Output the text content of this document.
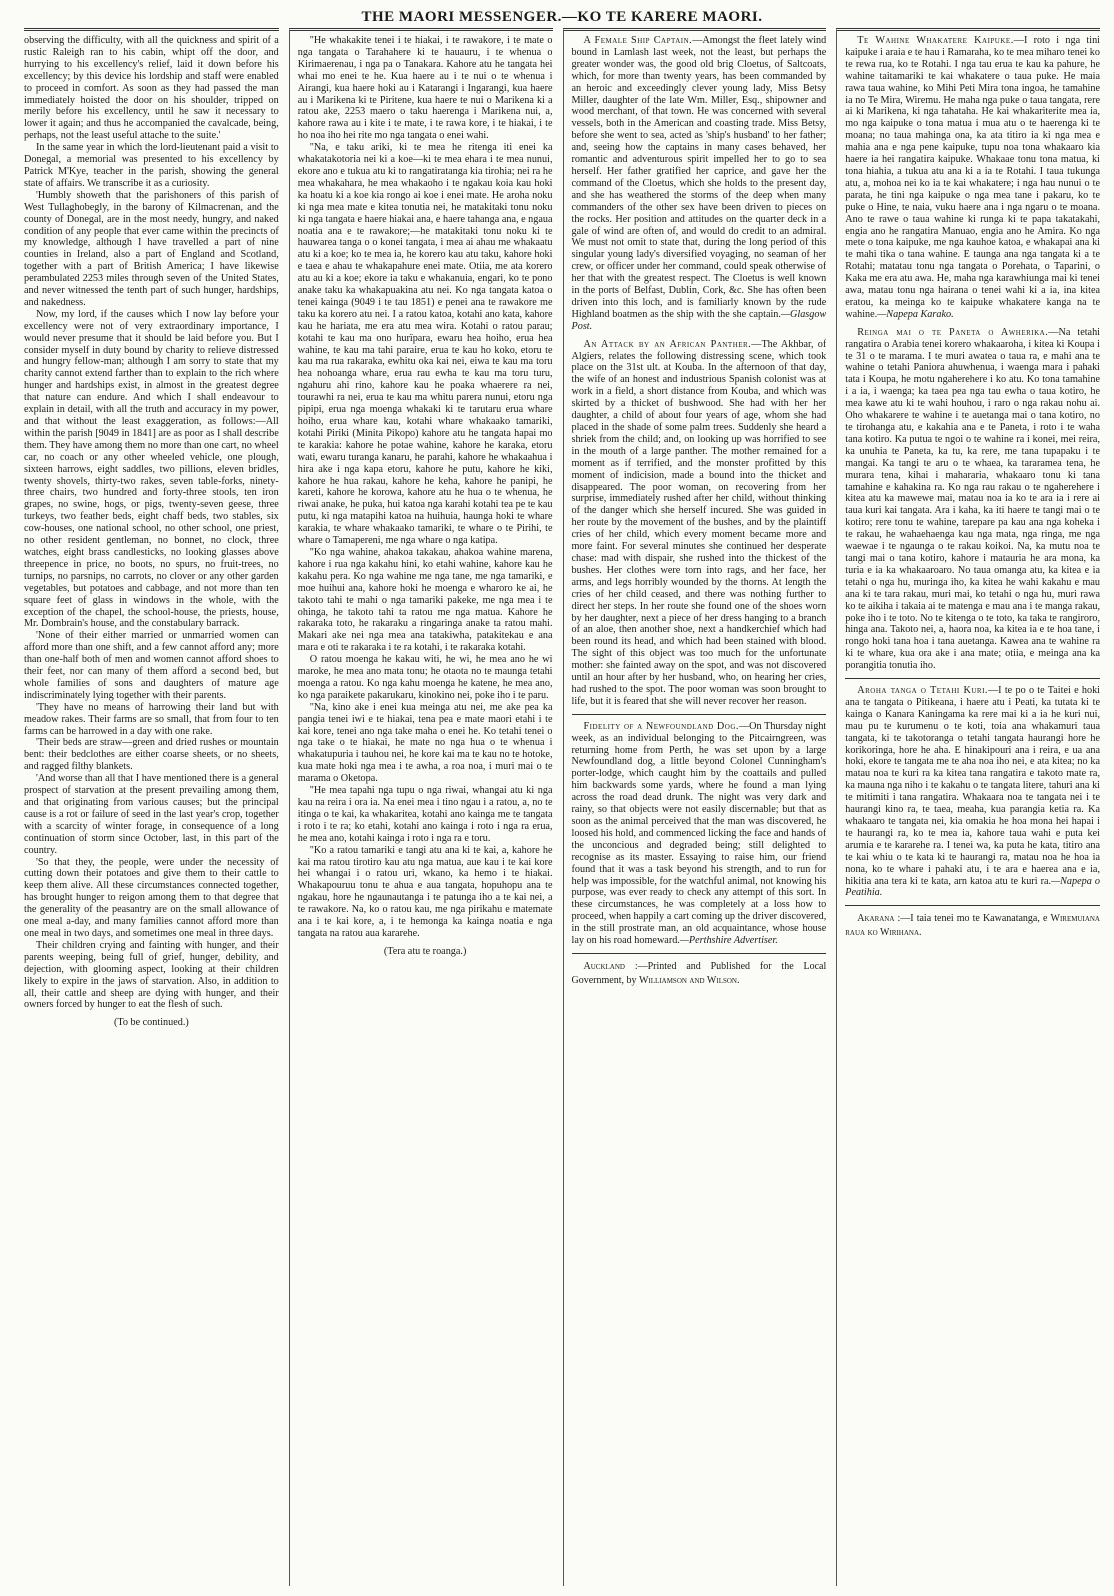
THE MAORI MESSENGER.—KO TE KARERE MAORI.

observing the difficulty, with all the quickness and spirit of a rustic Raleigh ran to his cabin, whipt off the door, and hurrying to his excellency's relief, laid it down before his excellency; by this device his lordship and staff were enabled to proceed in comfort. As soon as they had passed the man immediately hoisted the door on his shoulder, tripped on merily before his excellency, until he saw it necessary to lower it again; and thus he accompanied the cavalcade, being, perhaps, not the least useful attache to the suite.'

In the same year in which the lord-lieutenant paid a visit to Donegal, a memorial was presented to his excellency by Patrick M'Kye, teacher in the parish, showing the general state of affairs. We transcribe it as a curiosity.

'Humbly showeth that the parishoners of this parish of West Tullaghobegly, in the barony of Kilmacrenan, and the county of Donegal, are in the most needy, hungry, and naked condition of any people that ever came within the precincts of my knowledge, although I have travelled a part of nine counties in Ireland, also a part of England and Scotland, together with a part of British America; I have likewise perambulated 2253 miles through seven of the United States, and never witnessed the tenth part of such hunger, hardships, and nakedness.

Now, my lord, if the causes which I now lay before your excellency were not of very extraordinary importance, I would never presume that it should be laid before you. But I consider myself in duty bound by charity to relieve distressed and hungry fellow-man; although I am sorry to state that my charity cannot extend farther than to explain to the rich where hunger and hardships exist, in almost in the greatest degree that nature can endure. And which I shall endeavour to explain in detail, with all the truth and accuracy in my power, and that without the least exaggeration, as follows:—All within the parish [9049 in 1841] are as poor as I shall describe them. They have among them no more than one cart, no wheel car, no coach or any other wheeled vehicle, one plough, sixteen harrows, eight saddles, two pillions, eleven bridles, twenty shovels, thirty-two rakes, seven table-forks, ninety-three chairs, two hundred and forty-three stools, ten iron grapes, no swine, hogs, or pigs, twenty-seven geese, three turkeys, two feather beds, eight chaff beds, two stables, six cow-houses, one national school, no other school, one priest, no other resident gentleman, no bonnet, no clock, three watches, eight brass candlesticks, no looking glasses above threepence in price, no boots, no spurs, no fruit-trees, no turnips, no parsnips, no carrots, no clover or any other garden vegetables, but potatoes and cabbage, and not more than ten square feet of glass in windows in the whole, with the exception of the chapel, the school-house, the priests, house, Mr. Dombrain's house, and the constabulary barrack.

'None of their either married or unmarried women can afford more than one shift, and a few cannot afford any; more than one-half both of men and women cannot afford shoes to their feet, nor can many of them afford a second bed, but whole families of sons and daughters of mature age indiscriminately lying together with their parents.

'They have no means of harrowing their land but with meadow rakes. Their farms are so small, that from four to ten farms can be harrowed in a day with one rake.

'Their beds are straw—green and dried rushes or mountain bent: their bedclothes are either coarse sheets, or no sheets, and ragged filthy blankets.

'And worse than all that I have mentioned there is a general prospect of starvation at the present prevailing among them, and that originating from various causes; but the principal cause is a rot or failure of seed in the last year's crop, together with a scarcity of winter forage, in consequence of a long continuation of storm since October, last, in this part of the country.

'So that they, the people, were under the necessity of cutting down their potatoes and give them to their cattle to keep them alive. All these circumstances connected together, has brought hunger to reigon among them to that degree that the generality of the peasantry are on the small allowance of one meal a-day, and many families cannot afford more than one meal in two days, and sometimes one meal in three days.

Their children crying and fainting with hunger, and their parents weeping, being full of grief, hunger, debility, and dejection, with glooming aspect, looking at their children likely to expire in the jaws of starvation. Also, in addition to all, their cattle and sheep are dying with hunger, and their owners forced by hunger to eat the flesh of such.

(To be continued.)

"He whakakite tenei i te hiakai, i te rawakore, i te mate o nga tangata o Tarahahere ki te hauauru, i te whenua o Kirimaerenau, i nga pa o Tanakara. Kahore atu he tangata hei whai mo enei te he. Kua haere au i te nui o te whenua i Airangi, kua haere hoki au i Katarangi i Ingarangi, kua haere au i Marikena ki te Piritene, kua haere te nui o Marikena ki a ratou ake, 2253 maero o taku haerenga i Marikena nui, a, kahore rawa au i kite i te mate, i te rawa kore, i te hiakai, i te ho noa iho hei rite mo nga tangata o enei wahi.

"Na, e taku ariki, ki te mea he ritenga iti enei ka whakatakotoria nei ki a koe—ki te mea ehara i te mea nunui, ekore ano e tukua atu ki to rangatiratanga kia tirohia; nei ra he mea whakahara, he mea whakaoho i te ngakau koia kau hoki ka hoatu ki a koe kia rongo ai koe i enei mate. He aroha noku ki nga mea mate e kitea tonutia nei, he matakitaki tonu noku ki nga tangata e haere hiakai ana, e haere tahanga ana, e ngaua noatia ana e te rawakore;—he matakitaki tonu noku ki te hauwarea tanga o o konei tangata, i mea ai ahau me whakaatu atu ki a koe; ko te mea ia, he korero kau atu taku, kahore hoki e taea e ahau te whakapahure enei mate. Otiia, me ata korero atu au ki a koe; ekore ia taku e whakanuia, engari, ko te pono anake taku ka whakapuakina atu nei. Ko nga tangata katoa o tenei kainga (9049 i te tau 1851) e penei ana te rawakore me taku ka korero atu nei. I a ratou katoa, kotahi ano kata, kahore kau he hariata, me era atu mea wira. Kotahi o ratou parau; kotahi te kau ma ono hurïpara, ewaru hea hoiho, erua hea wahine, te kau ma tahi paraire, erua te kau ho koko, etoru te kau ma rua rakaraka, ewhitu oka kai nei, eiwa te kau ma toru hea nohoanga whare, erua rau ewha te kau ma toru turu, ngahuru ahi rino, kahore kau he poaka whaerere ra nei, tourawhi ra nei, erua te kau ma whitu parera nunui, etoru nga pipipi, erua nga moenga whakaki ki te tarutaru erua whare hoiho, erua whare kau, kotahi whare whakaako tamariki, kotahi Piriki (Minita Pikopo) kahore atu he tangata hapai mo te karakia: kahore he potae wahine, kahore he karaka, etoru wati, ewaru turanga kanaru, he parahi, kahore he whakaahua i hira ake i nga kapa etoru, kahore he putu, kahore he kiki, kahore he hua rakau, kahore he keha, kahore he panipi, he kareti, kahore he korowa, kahore atu he hua o te whenua, he riwai anake, he puka, hui katoa nga karahi kotahi tea pe te kau putu, ki nga matapihi katoa na huihuia, haunga hoki te whare karakia, te whare whakaako tamariki, te whare o te Pirihi, te whare o Tamapereni, me nga whare o nga katipa.

"Ko nga wahine, ahakoa takakau, ahakoa wahine marena, kahore i rua nga kakahu hini, ko etahi wahine, kahore kau he kakahu pera. Ko nga wahine me nga tane, me nga tamariki, e moe huihui ana, kahore hoki he moenga e wharoro ke ai, he takoto tahi te mahi o nga tamariki pakeke, me nga mea i te ohinga, he takoto tahi ta ratou me nga matua. Kahore he rakaraka toto, he rakaraku a ringaringa anake ta ratou mahi. Makari ake nei nga mea ana tatakiwha, patakitekau e ana mara e oti te rakaraka i te ra kotahi, i te rakaraka kotahi.

O ratou moenga he kakau witi, he wi, he mea ano he wi maroke, he mea ano mata tonu; he otaota no te maunga tetahi moenga a ratou. Ko nga kahu moenga he katene, he mea ano, ko nga paraikete pakarukaru, kinokino nei, poke iho i te paru.

"Na, kino ake i enei kua meinga atu nei, me ake pea ka pangia tenei iwi e te hiakai, tena pea e mate maori etahi i te kai kore, tenei ano nga take maha o enei he. Ko tetahi tenei o nga take o te hiakai, he mate no nga hua o te whenua i whakatupuria i tauhou nei, he kore kai ma te kau no te hotoke, kua mate hoki nga mea i te awha, a roa noa, i muri mai o te marama o Oketopa.

"He mea tapahi nga tupu o nga riwai, whangai atu ki nga kau na reira i ora ia. Na enei mea i tino ngau i a ratou, a, no te itinga o te kai, ka whakaritea, kotahi ano kainga me te tangata i roto i te ra; ko etahi, kotahi ano kainga i roto i nga ra erua, he mea ano, kotahi kainga i roto i nga ra e toru.

"Ko a ratou tamariki e tangi atu ana ki te kai, a, kahore he kai ma ratou tirotiro kau atu nga matua, aue kau i te kai kore hei whangai i o ratou uri, wkano, ka hemo i te hiakai. Whakapouruu tonu te ahua e aua tangata, hopuhopu ana te ngakau, hore he ngaunautanga i te patunga iho a te kai nei, a te rawakore. Na, ko o ratou kau, me nga pirikahu e matemate ana i te kai kore, a, i te hemonga ka kainga noatia e nga tangata na ratou aua kararehe.

(Tera atu te roanga.)

A Female Ship Captain.—Amongst the fleet lately wind bound in Lamlash last week, not the least, but perhaps the greater wonder was, the good old brig Cloetus, of Saltcoats, which, for more than twenty years, has been commanded by an heroic and exceedingly clever young lady, Miss Betsy Miller, daughter of the late Wm. Miller, Esq., shipowner and wood merchant, of that town. He was concerned with several vessels, both in the American and coasting trade. Miss Betsy, before she went to sea, acted as 'ship's husband' to her father; and, seeing how the captains in many cases behaved, her romantic and adventurous spirit impelled her to go to sea herself. Her father gratified her caprice, and gave her the command of the Cloetus, which she holds to the present day, and she has weathered the storms of the deep when many commanders of the other sex have been driven to pieces on the rocks. Her position and attitudes on the quarter deck in a gale of wind are often of, and would do credit to an admiral. We must not omit to state that, during the long period of this singular young lady's diversified voyaging, no seaman of her crew, or officer under her command, could speak otherwise of her that with the greatest respect. The Cloetus is well known in the ports of Belfast, Dublin, Cork, &c. She has often been driven into this loch, and is familiarly known by the rude Highland boatmen as the ship with the she captain.—Glasgow Post.

An Attack by an African Panther.—The Akhbar, of Algiers, relates the following distressing scene, which took place on the 31st ult. at Kouba. In the afternoon of that day, the wife of an honest and industrious Spanish colonist was at work in a field, a short distance from Kouba, and which was skirted by a thicket of bushwood. She had with her her daughter, a child of about four years of age, whom she had placed in the shade of some palm trees. Suddenly she heard a shriek from the child; and, on looking up was horrified to see in the mouth of a large panther. The mother remained for a moment as if terrified, and the monster profitted by this moment of indicision, made a bound into the thicket and disappeared. The poor woman, on recovering from her surprise, immediately rushed after her child, without thinking of the danger which she herself incured. She was guided in her route by the movement of the bushes, and by the plaintiff cries of her child, which every moment became more and more faint. For several minutes she continued her desperate chase: mad with dispair, she rushed into the thickest of the bushes. Her clothes were torn into rags, and her face, her arms, and legs horribly wounded by the thorns. At length the cries of her child ceased, and there was nothing further to direct her steps. In her route she found one of the shoes worn by her daughter, next a piece of her dress hanging to a branch of an aloe, then another shoe, next a handkerchief which had been round its head, and which had been stained with blood. The sight of this object was too much for the unfortunate mother: she fainted away on the spot, and was not discovered until an hour after by her husband, who, on hearing her cries, had rushed to the spot. The poor woman was soon brought to life, but it is feared that she will never recover her reason.

Fidelity of a Newfoundland Dog.—On Thursday night week, as an individual belonging to the Pitcairngreen, was returning home from Perth, he was set upon by a large Newfoundland dog, a little beyond Colonel Cunningham's porter-lodge, which caught him by the coattails and pulled him backwards some yards, where he found a man lying across the road dead drunk. The night was very dark and rainy, so that objects were not easily discernable; but that as soon as the animal perceived that the man was discovered, he loosed his hold, and commenced licking the face and hands of the unconcious and degraded being; still delighted to recognise as its master. Essaying to raise him, our friend found that it was a task beyond his strength, and to run for help was impossible, for the watchful animal, not knowing his purpose, was ever ready to check any attempt of this sort. In these circumstances, he was completely at a loss how to proceed, when happily a cart coming up the driver discovered, in the still prostrate man, an old acquaintance, whose house lay on his road homeward.—Perthshire Advertiser.

Auckland :—Printed and Published for the Local Government, by Williamson and Wilson.

Te Wahine Whakatere Kaipuke.—I roto i nga tini kaipuke i araia e te hau i Ramaraha, ko te mea miharo tenei ko te rewa rua, ko te Rotahi. I nga tau erua te kau ka pahure, he wahine taitamariki te kai whakatere o taua puke. He maia rawa taua wahine, ko Mihi Peti Mira tona ingoa, he tamahine ia no Te Mira, Wiremu. He maha nga puke o taua tangata, rere ai ki Marikena, ki nga tahataha. He kai whakariterite mea ia, mo nga kaipuke o tona matua i mua atu o te haerenga ki te moana; no taua mahinga ona, ka ata titiro ia ki nga mea e mahia ana e nga pene kaipuke, tupu noa tona whakaaro kia haere ia hei rangatira kaipuke. Whakaae tonu tona matua, ki tona hiahia, a tukua atu ana ki a ia te Rotahi. I taua tukunga atu, a, mohoa nei ko ia te kai whakatere; i nga hau nunui o te parata, he tini nga kaipuke o nga mea tane i pakaru, ko te puke o Hine, te naia, vuku haere ana i nga ngaru o te moana. Ano te rawe o taua wahine ki runga ki te papa takatakahi, engia ano he rangatira Manuao, engia ano he Amira. Ko nga mete o tona kaipuke, me nga kauhoe katoa, e whakapai ana ki te mahi tika o tana wahine. E taunga ana nga tangata ki a te Rotahi; matatau tonu nga tangata o Porehata, o Taparini, o Kaka me era atu awa. He, maha nga karawhiunga mai ki tenei awa, matau tonu nga hairana o tenei wahi ki a ia, ina kitea eratou, ka meinga ko te kaipuke whakatere kanga na te wahine.—Napepa Karako.

Reinga mai o te Paneta o Awherika.—Na tetahi rangatira o Arabia tenei korero whakaaroha, i kitea ki Koupa i te 31 o te marama. I te muri awatea o taua ra, e mahi ana te wahine o tetahi Paniora ahuwhenua, i waenga mara i pahaki tata i Koupa, he motu ngaherehere i ko atu. Ko tona tamahine i a ia, i waenga; ka taea pea nga tau ewha o taua kotiro, he mea kawe atu ki te wahi houhou, i raro o nga rakau nohu ai. Oho whakarere te wahine i te auetanga mai o tana kotiro, no te tirohanga atu, e kakahia ana e te Paneta, i roto i te waha tana kotiro. Ka putua te ngoi o te wahine ra i konei, mei reira, ka unuhia te Paneta, ka tu, ka rere, me tana tupapaku i te mangai. Ka tangi te aru o te whaea, ka tararamea tena, he murara tena, kihai i mahararia, whakaaro tonu ki tana tamahine e kahakina ra. Ko nga rau rakau o te ngaherehere i kitea atu ka mawewe mai, matau noa ia ko te ara ia i rere ai taua kuri kai tangata. Ara i kaha, ka iti haere te tangi mai o te kotiro; rere tonu te wahine, tarepare pa kau ana nga koheka i te rakau, he wahaehaenga kau nga mata, nga ringa, me nga waewae i te ngaunga o te rakau koikoi. Na, ka mutu noa te tangi mai o tana kotiro, kahore i matauria he ara mona, ka turia e ia ka whakaaroaro. No taua omanga atu, ka kitea e ia tetahi o nga hu, muringa iho, ka kitea he wahi kakahu e mau ana ki te tara rakau, muri mai, ko tetahi o nga hu, muri rawa ko te aikiha i takaia ai te matenga e mau ana i te manga rakau, poke iho i te toto. No te kitenga o te toto, ka taka te rangiroro, hinga ana. Takoto nei, a, haora noa, ka kitea ia e te hoa tane, i rongo hoki tana hoa i tana auetanga. Kawea ana te wahine ra ki te whare, kua ora ake i ana mate; otiia, e meinga ana ka porangitia tonutia iho.

Aroha tanga o Tetahi Kuri.—I te po o te Taitei e hoki ana te tangata o Pitikeana, i haere atu i Peati, ka tutata ki te kainga o Kanara Kaningama ka rere mai ki a ia he kuri nui, mau pu te kurumenu o te koti, toia ana whakamuri taua tangata, ki te takotoranga o tetahi tangata haurangi hore he korikoringa, hore he aha. E hinakipouri ana i reira, e ua ana hoki, ekore te tangata me te aha noa iho nei, e ata kitea; no ka matau noa te kuri ra ka kitea tana rangatira e takoto mate ra, ka mauna nga niho i te kakahu o te tangata litere, tahuri ana ki te mitimiti i tana rangatira. Whakaara noa te tangata nei i te haurangi kino ra, te taea, meaha, kua parangia ketia ra. Ka whakaaro te tangata nei, kia omakia he hoa mona hei hapai i te haurangi ra, ko te mea ia, kahore taua wahi e puta kei arumia e te kararehe ra. I tenei wa, ka puta he kata, titiro ana te kai whiu o te kata ki te haurangi ra, matau noa he hoa ia nona, ko te whare i pahaki atu, i te ara e haerea ana e ia, hikitia ana tera ki te kata, arn katoa atu te kuri ra.—Napepa o Peatihia.

Akarana :—I taia tenei mo te Kawanatanga, e Wiremuiana raua ko Wirihana.
